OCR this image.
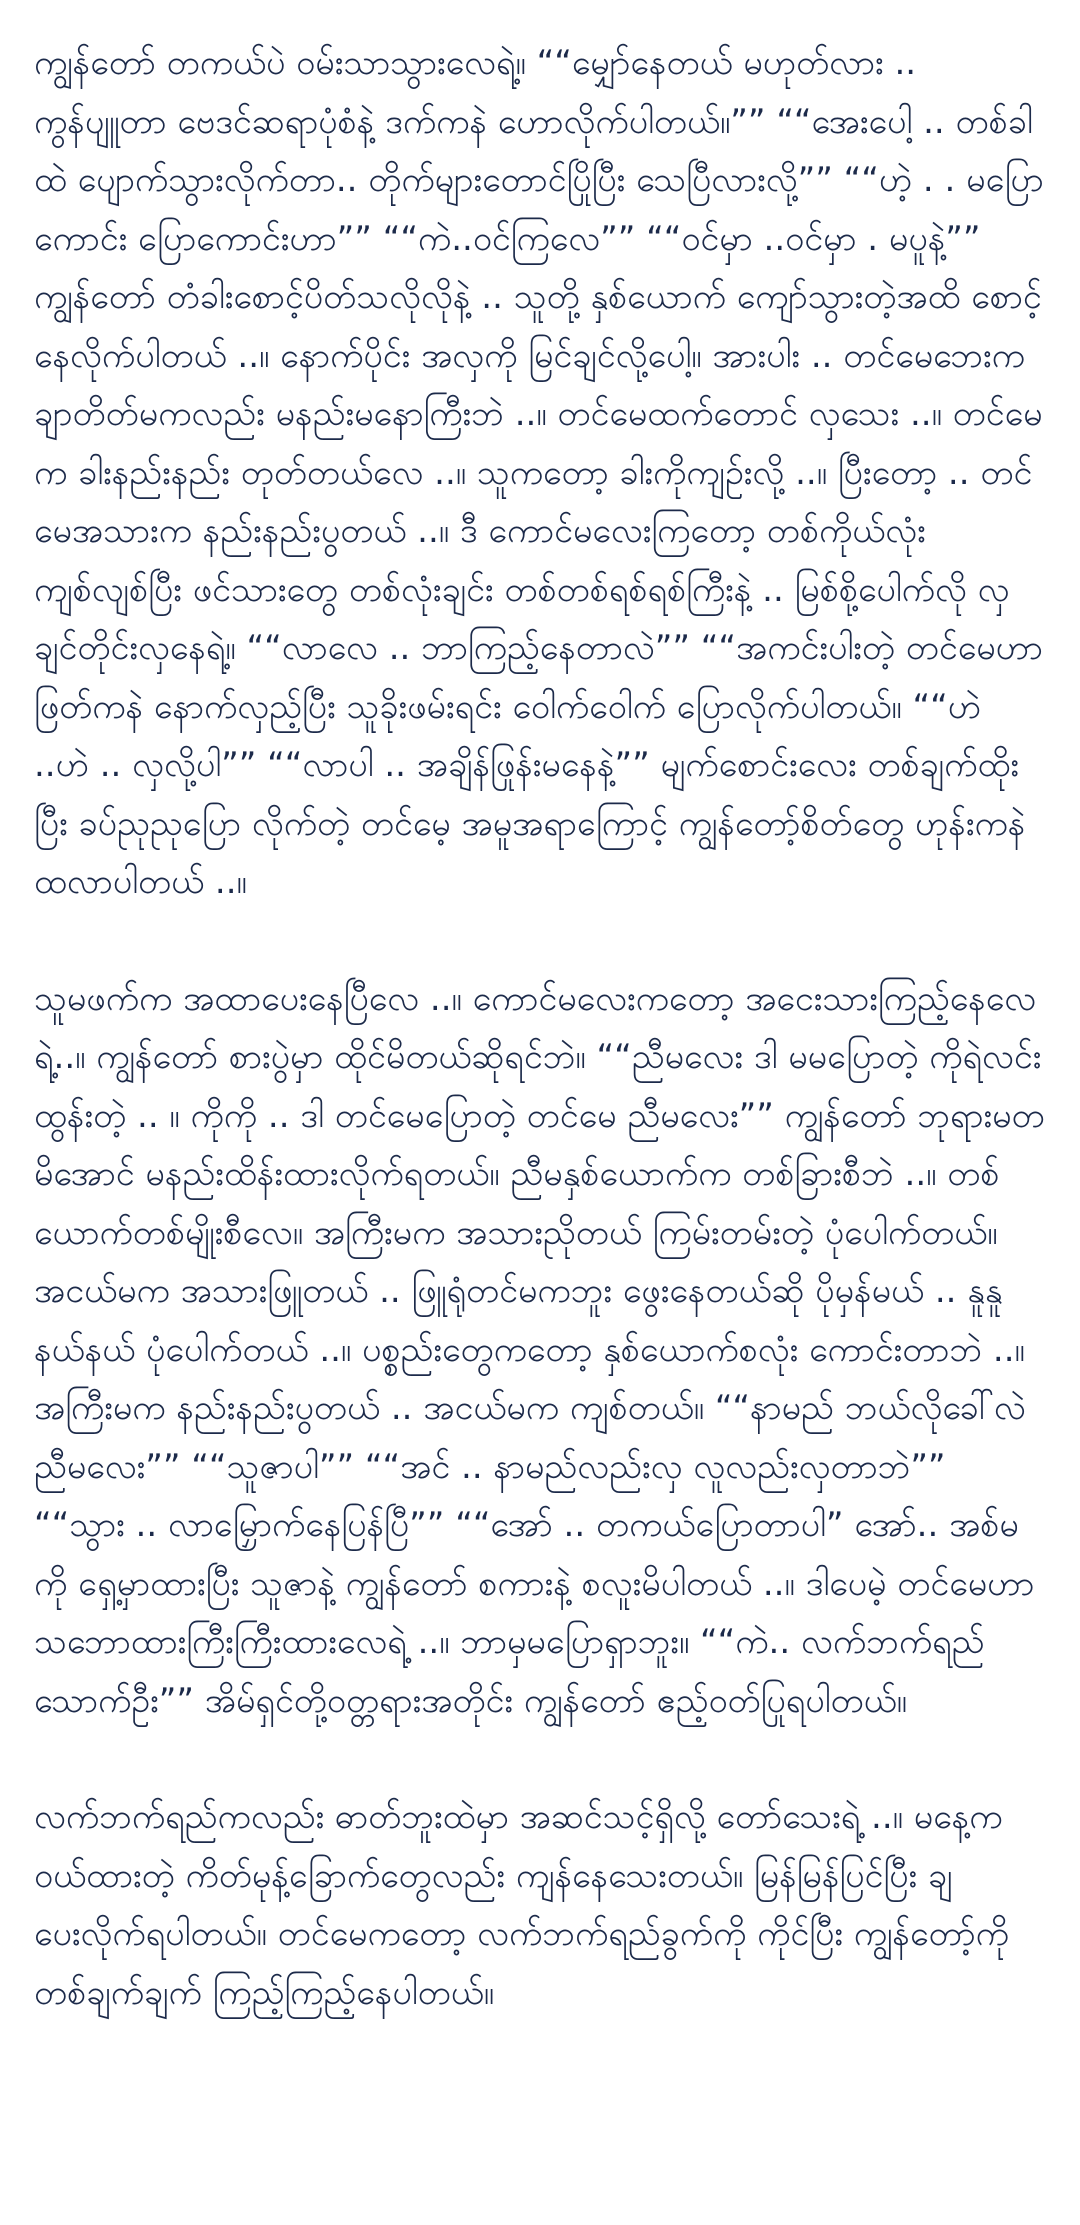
ကျွန်တော် တကယ်ပဲ ဝမ်းသာသွားလေရဲ့။ ““မျှော်နေတယ် မဟုတ်လား .. ကွန်ပျူတာ ဗေဒင်ဆရာပုံစံနဲ့ ဒက်ကနဲ ဟောလိုက်ပါတယ်။”” ““အေးပေါ့ .. တစ်ခါထဲ ပျောက်သွားလိုက်တာ.. တိုက်များတောင်ပြိုပြီး သေပြီလားလို့”” ““ဟဲ့ . . မပြောကောင်း ပြောကောင်းဟာ”” ““ကဲ..ဝင်ကြလေ”” ““ဝင်မှာ ..ဝင်မှာ . မပူနဲ့”” ကျွန်တော် တံခါးစောင့်ပိတ်သလိုလိုနဲ့ .. သူတို့ နှစ်ယောက် ကျော်သွားတဲ့အထိ စောင့်နေလိုက်ပါတယ် ..။ နောက်ပိုင်း အလှကို မြင်ချင်လို့ပေါ့။ အားပါး .. တင်မေဘေးက ချာတိတ်မကလည်း မနည်းမနောကြီးဘဲ ..။ တင်မေထက်တောင် လှသေး ..။ တင်မေက ခါးနည်းနည်း တုတ်တယ်လေ ..။ သူကတော့ ခါးကိုကျဉ်းလို့ ..။ ပြီးတော့ .. တင်မေအသားက နည်းနည်းပွတယ် ..။ ဒီ ကောင်မလေးကြတော့ တစ်ကိုယ်လုံး ကျစ်လျစ်ပြီး ဖင်သားတွေ တစ်လုံးချင်း တစ်တစ်ရစ်ရစ်ကြီးနဲ့ .. မြစ်စို့ပေါက်လို လှချင်တိုင်းလှနေရဲ့။ ““လာလေ .. ဘာကြည့်နေတာလဲ”” ““အကင်းပါးတဲ့ တင်မေဟာ ဖြတ်ကနဲ နောက်လှည့်ပြီး သူခိုးဖမ်းရင်း ဝေါက်ဝေါက် ပြောလိုက်ပါတယ်။ ““ဟဲ ..ဟဲ .. လှလို့ပါ”” ““လာပါ .. အချိန်ဖြုန်းမနေနဲ့”” မျက်စောင်းလေး တစ်ချက်ထိုးပြီး ခပ်ညုညုပြော လိုက်တဲ့ တင်မေ့ အမူအရာကြောင့် ကျွန်တော့်စိတ်တွေ ဟုန်းကနဲ ထလာပါတယ် ..။

သူမဖက်က အထာပေးနေပြီလေ ..။ ကောင်မလေးကတော့ အငေးသားကြည့်နေလေရဲ့..။ ကျွန်တော် စားပွဲမှာ ထိုင်မိတယ်ဆိုရင်ဘဲ။ ““ညီမလေး ဒါ မမပြောတဲ့ ကိုရဲလင်းထွန်းတဲ့ .. ။ ကိုကို .. ဒါ တင်မေပြောတဲ့ တင်မေ ညီမလေး”” ကျွန်တော် ဘုရားမတမိအောင် မနည်းထိန်းထားလိုက်ရတယ်။ ညီမနှစ်ယောက်က တစ်ခြားစီဘဲ ..။ တစ်ယောက်တစ်မျိုးစီလေ။ အကြီးမက အသားညိုတယ် ကြမ်းတမ်းတဲ့ ပုံပေါက်တယ်။ အငယ်မက အသားဖြူတယ် .. ဖြူရုံတင်မကဘူး ဖွေးနေတယ်ဆို ပိုမှန်မယ် .. နူနူနယ်နယ် ပုံပေါက်တယ် ..။ ပစ္စည်းတွေကတော့ နှစ်ယောက်စလုံး ကောင်းတာဘဲ ..။ အကြီးမက နည်းနည်းပွတယ် .. အငယ်မက ကျစ်တယ်။ ““နာမည် ဘယ်လိုခေါ်လဲ ညီမလေး”” ““သူဇာပါ”” ““အင် .. နာမည်လည်းလှ လူလည်းလှတာဘဲ”” ““သွား .. လာမြှောက်နေပြန်ပြီ”” ““အော် .. တကယ်ပြောတာပါ” အော်.. အစ်မကို ရှေ့မှာထားပြီး သူဇာနဲ့ ကျွန်တော် စကားနဲ့ စလူးမိပါတယ် ..။ ဒါပေမဲ့ တင်မေဟာ သဘောထားကြီးကြီးထားလေရဲ့ ..။ ဘာမှမပြောရှာဘူး။ ““ကဲ.. လက်ဘက်ရည်သောက်ဦး”” အိမ်ရှင်တို့ဝတ္တရားအတိုင်း ကျွန်တော် ဧည့်ဝတ်ပြုရပါတယ်။

လက်ဘက်ရည်ကလည်း ဓာတ်ဘူးထဲမှာ အဆင်သင့်ရှိလို့ တော်သေးရဲ့ ..။ မနေ့က ဝယ်ထားတဲ့ ကိတ်မုန့်ခြောက်တွေလည်း ကျန်နေသေးတယ်။ မြန်မြန်ပြင်ပြီး ချပေးလိုက်ရပါတယ်။ တင်မေကတော့ လက်ဘက်ရည်ခွက်ကို ကိုင်ပြီး ကျွန်တော့်ကို တစ်ချက်ချက် ကြည့်ကြည့်နေပါတယ်။
